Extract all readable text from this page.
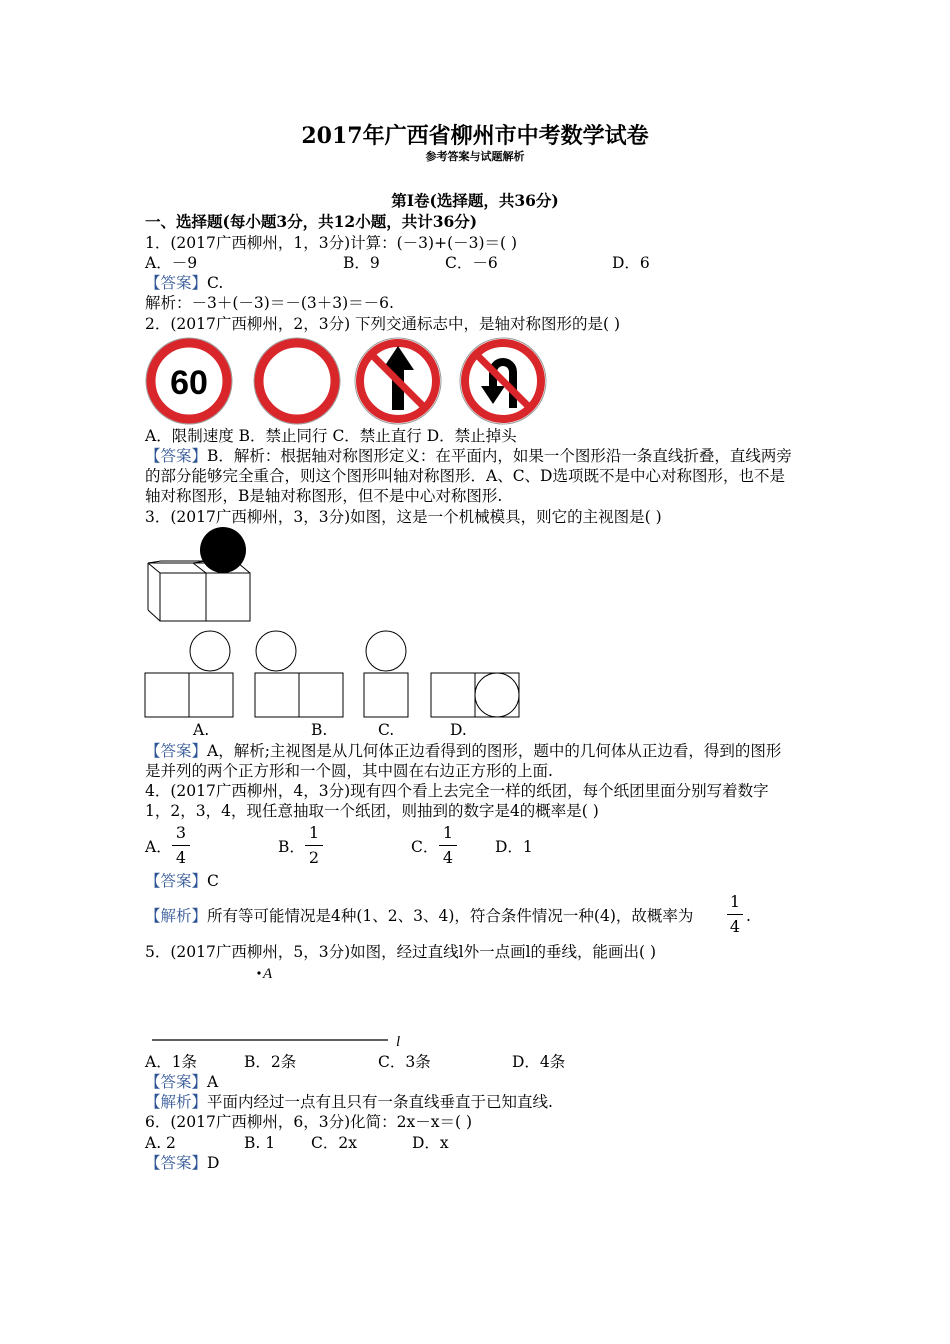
2017年广西省柳州市中考数学试卷
参考答案与试题解析
第Ⅰ卷(选择题，共36分)
一、选择题(每小题3分，共12小题，共计36分)
1．(2017广西柳州，1，3分)计算：(－3)+(－3)＝( )
A．－9	B．9	C．－6	D．6
【答案】C.
解析：－3＋(－3)＝－(3＋3)＝－6.
2．(2017广西柳州，2，3分) 下列交通标志中，是轴对称图形的是( )
60
A．限制速度 B．禁止同行 C．禁止直行 D．禁止掉头
【答案】B．解析：根据轴对称图形定义：在平面内，如果一个图形沿一条直线折叠，直线两旁
的部分能够完全重合，则这个图形叫轴对称图形．A、C、D选项既不是中心对称图形，也不是
轴对称图形，B是轴对称图形，但不是中心对称图形.
3．(2017广西柳州，3，3分)如图，这是一个机械模具，则它的主视图是( )
A.	B.	C.	D.
【答案】A，解析;主视图是从几何体正边看得到的图形，题中的几何体从正边看，得到的图形
是并列的两个正方形和一个圆，其中圆在右边正方形的上面.
4．(2017广西柳州，4，3分)现有四个看上去完全一样的纸团，每个纸团里面分别写着数字
1，2，3，4，现任意抽取一个纸团，则抽到的数字是4的概率是( )
A．
3
4
B．
1
2
C．
1
4
D．1
【答案】C
【解析】所有等可能情况是4种(1、2、3、4)，符合条件情况一种(4)，故概率为
1
4
.
5．(2017广西柳州，5，3分)如图，经过直线l外一点画l的垂线，能画出( )
A
l
A．1条	B．2条	C．3条	D．4条
【答案】A
【解析】平面内经过一点有且只有一条直线垂直于已知直线.
6．(2017广西柳州，6，3分)化简：2x－x＝( )
A. 2	B. 1 C．2x	D．x
【答案】D
